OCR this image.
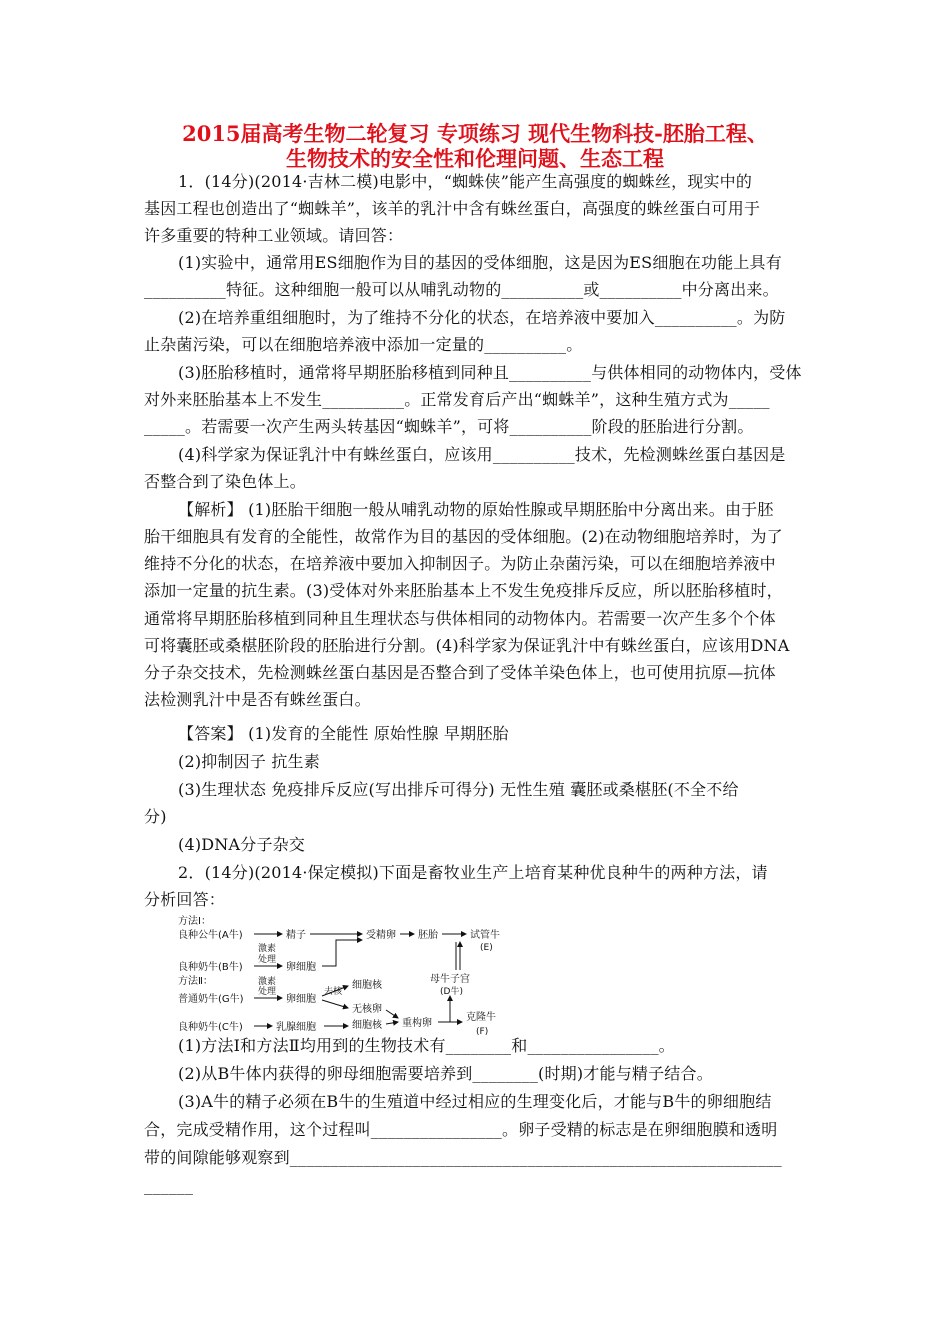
2015届高考生物二轮复习 专项练习 现代生物科技-胚胎工程、
生物技术的安全性和伦理问题、生态工程
1．(14分)(2014·吉林二模)电影中，“蜘蛛侠”能产生高强度的蜘蛛丝，现实中的
基因工程也创造出了“蜘蛛羊”，该羊的乳汁中含有蛛丝蛋白，高强度的蛛丝蛋白可用于
许多重要的特种工业领域。请回答：
(1)实验中，通常用ES细胞作为目的基因的受体细胞，这是因为ES细胞在功能上具有
__________特征。这种细胞一般可以从哺乳动物的__________或__________中分离出来。
(2)在培养重组细胞时，为了维持不分化的状态，在培养液中要加入__________。为防
止杂菌污染，可以在细胞培养液中添加一定量的__________。
(3)胚胎移植时，通常将早期胚胎移植到同种且__________与供体相同的动物体内，受体
对外来胚胎基本上不发生__________。正常发育后产出“蜘蛛羊”，这种生殖方式为_____
_____。若需要一次产生两头转基因“蜘蛛羊”，可将__________阶段的胚胎进行分割。
(4)科学家为保证乳汁中有蛛丝蛋白，应该用__________技术，先检测蛛丝蛋白基因是
否整合到了染色体上。
【解析】 (1)胚胎干细胞一般从哺乳动物的原始性腺或早期胚胎中分离出来。由于胚
胎干细胞具有发育的全能性，故常作为目的基因的受体细胞。(2)在动物细胞培养时，为了
维持不分化的状态，在培养液中要加入抑制因子。为防止杂菌污染，可以在细胞培养液中
添加一定量的抗生素。(3)受体对外来胚胎基本上不发生免疫排斥反应，所以胚胎移植时，
通常将早期胚胎移植到同种且生理状态与供体相同的动物体内。若需要一次产生多个个体
可将囊胚或桑椹胚阶段的胚胎进行分割。(4)科学家为保证乳汁中有蛛丝蛋白，应该用DNA
分子杂交技术，先检测蛛丝蛋白基因是否整合到了受体羊染色体上，也可使用抗原—抗体
法检测乳汁中是否有蛛丝蛋白。
【答案】 (1)发育的全能性 原始性腺 早期胚胎
(2)抑制因子 抗生素
(3)生理状态 免疫排斥反应(写出排斥可得分) 无性生殖 囊胚或桑椹胚(不全不给
分)
(4)DNA分子杂交
2．(14分)(2014·保定模拟)下面是畜牧业生产上培育某种优良种牛的两种方法，请
分析回答：
方法Ⅰ：
良种公牛(A牛)	精子	受精卵 胚胎	试管牛
(E)
激素
处理
良种奶牛(B牛)	卵细胞
方法Ⅱ：	母牛子宫
(D牛)
激素
处理
普通奶牛(G牛)	卵细胞
去核
细胞核
无核卵
细胞核 重构卵
克隆牛
(F)
良种奶牛(C牛)	乳腺细胞
(1)方法Ⅰ和方法Ⅱ均用到的生物技术有________和________________。
(2)从B牛体内获得的卵母细胞需要培养到________(时期)才能与精子结合。
(3)A牛的精子必须在B牛的生殖道中经过相应的生理变化后，才能与B牛的卵细胞结
合，完成受精作用，这个过程叫________________。卵子受精的标志是在卵细胞膜和透明
带的间隙能够观察到____________________________________________________________
______
